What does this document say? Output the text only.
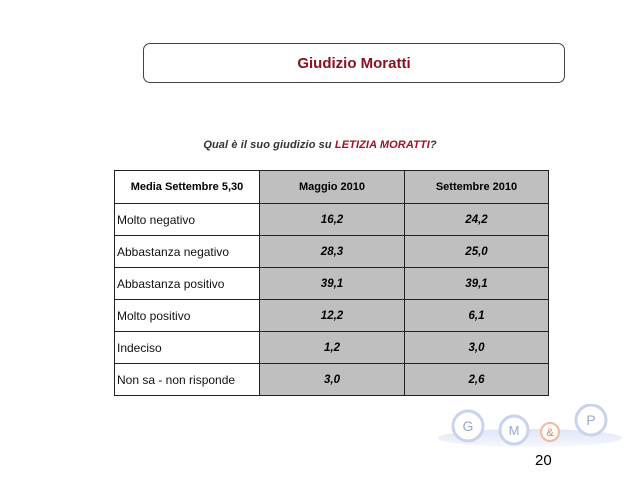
Giudizio Moratti
Qual è il suo giudizio su LETIZIA MORATTI?
Media Settembre 5,30	Maggio 2010	Settembre 2010
Molto negativo	16,2	24,2
Abbastanza negativo	28,3	25,0
Abbastanza positivo	39,1	39,1
Molto positivo	12,2	6,1
Indeciso	1,2	3,0
Non sa - non risponde	3,0	2,6
G	M &
P
20
